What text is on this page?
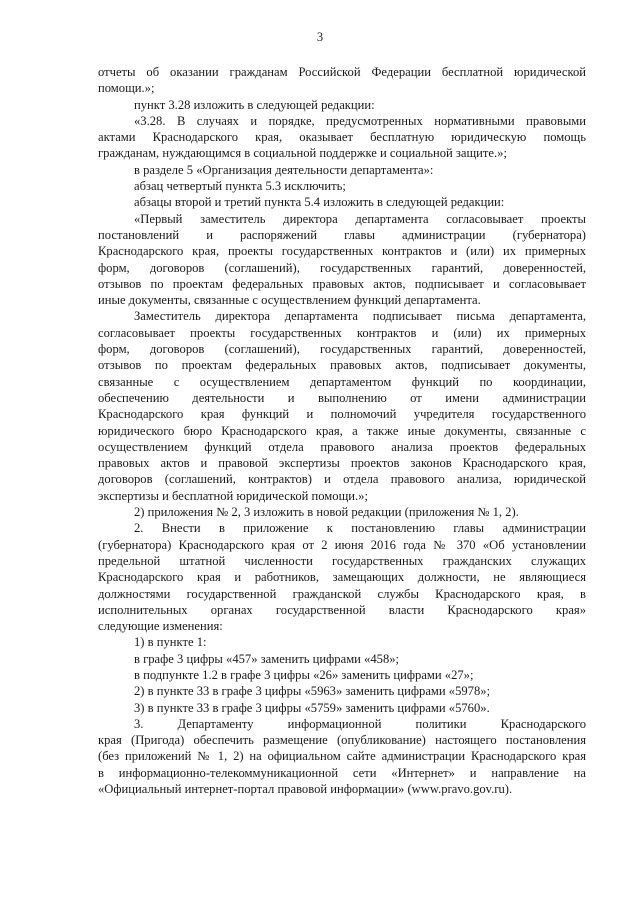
3

отчеты об оказании гражданам Российской Федерации бесплатной юридической

помощи.»;

пункт 3.28 изложить в следующей редакции:

«3.28. В случаях и порядке, предусмотренных нормативными правовыми

актами Краснодарского края, оказывает бесплатную юридическую помощь

гражданам, нуждающимся в социальной поддержке и социальной защите.»;

в разделе 5 «Организация деятельности департамента»:

абзац четвертый пункта 5.3 исключить;

абзацы второй и третий пункта 5.4 изложить в следующей редакции:

«Первый заместитель директора департамента согласовывает проекты

постановлений и распоряжений главы администрации (губернатора)

Краснодарского края, проекты государственных контрактов и (или) их примерных

форм, договоров (соглашений), государственных гарантий, доверенностей,

отзывов по проектам федеральных правовых актов, подписывает и согласовывает

иные документы, связанные с осуществлением функций департамента.

Заместитель директора департамента подписывает письма департамента,

согласовывает проекты государственных контрактов и (или) их примерных

форм, договоров (соглашений), государственных гарантий, доверенностей,

отзывов по проектам федеральных правовых актов, подписывает документы,

связанные с осуществлением департаментом функций по координации,

обеспечению деятельности и выполнению от имени администрации

Краснодарского края функций и полномочий учредителя государственного

юридического бюро Краснодарского края, а также иные документы, связанные с

осуществлением функций отдела правового анализа проектов федеральных

правовых актов и правовой экспертизы проектов законов Краснодарского края,

договоров (соглашений, контрактов) и отдела правового анализа, юридической

экспертизы и бесплатной юридической помощи.»;

2) приложения № 2, 3 изложить в новой редакции (приложения № 1, 2).

2. Внести в приложение к постановлению главы администрации

(губернатора) Краснодарского края от 2 июня 2016 года № 370 «Об установлении

предельной штатной численности государственных гражданских служащих

Краснодарского края и работников, замещающих должности, не являющиеся

должностями государственной гражданской службы Краснодарского края, в

исполнительных органах государственной власти Краснодарского края»

следующие изменения:

1) в пункте 1:

в графе 3 цифры «457» заменить цифрами «458»;

в подпункте 1.2 в графе 3 цифры «26» заменить цифрами «27»;

2) в пункте 33 в графе 3 цифры «5963» заменить цифрами «5978»;

3) в пункте 33 в графе 3 цифры «5759» заменить цифрами «5760».

3. Департаменту информационной политики Краснодарского

края (Пригода) обеспечить размещение (опубликование) настоящего постановления

(без приложений № 1, 2) на официальном сайте администрации Краснодарского края

в информационно-телекоммуникационной сети «Интернет» и направление на

«Официальный интернет-портал правовой информации» (www.pravo.gov.ru).
